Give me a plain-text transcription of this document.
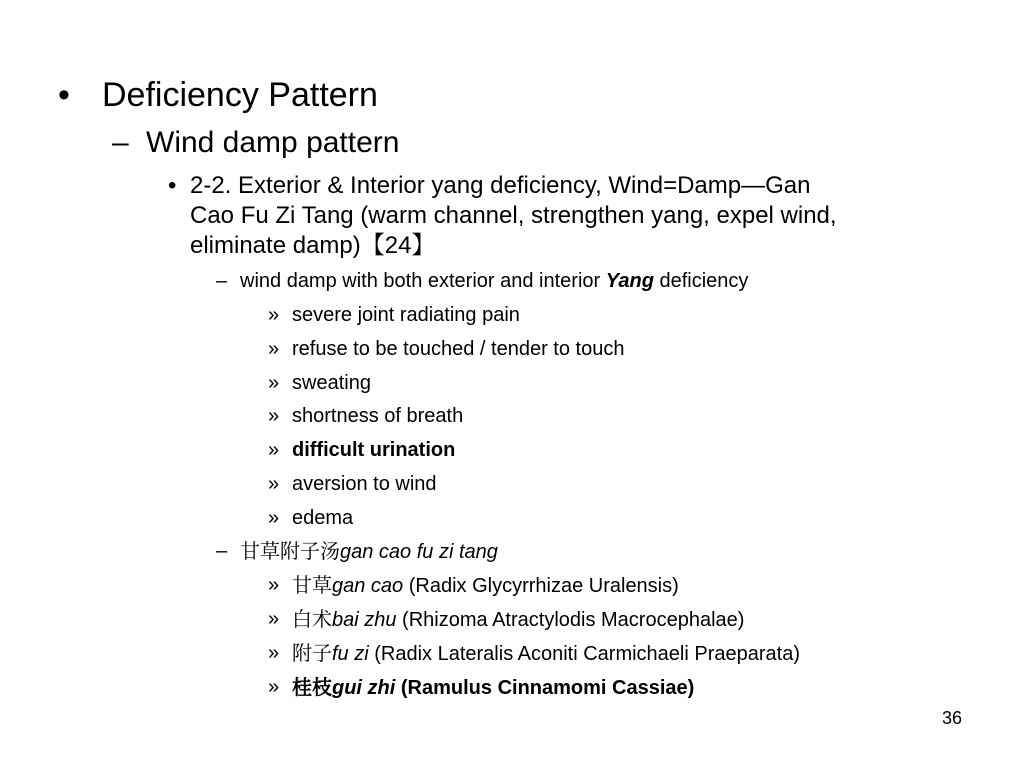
• Deficiency Pattern
– Wind damp pattern
• 2-2. Exterior & Interior yang deficiency, Wind=Damp—Gan
Cao Fu Zi Tang (warm channel, strengthen yang, expel wind,
eliminate damp)【24】
– wind damp with both exterior and interior Yang deficiency
» severe joint radiating pain
» refuse to be touched / tender to touch
» sweating
» shortness of breath
» difficult urination
» aversion to wind
» edema
– 甘草附子汤gan cao fu zi tang
» 甘草gan cao (Radix Glycyrrhizae Uralensis)
» 白术bai zhu (Rhizoma Atractylodis Macrocephalae)
» 附子fu zi (Radix Lateralis Aconiti Carmichaeli Praeparata)
» 桂枝gui zhi (Ramulus Cinnamomi Cassiae)
36
